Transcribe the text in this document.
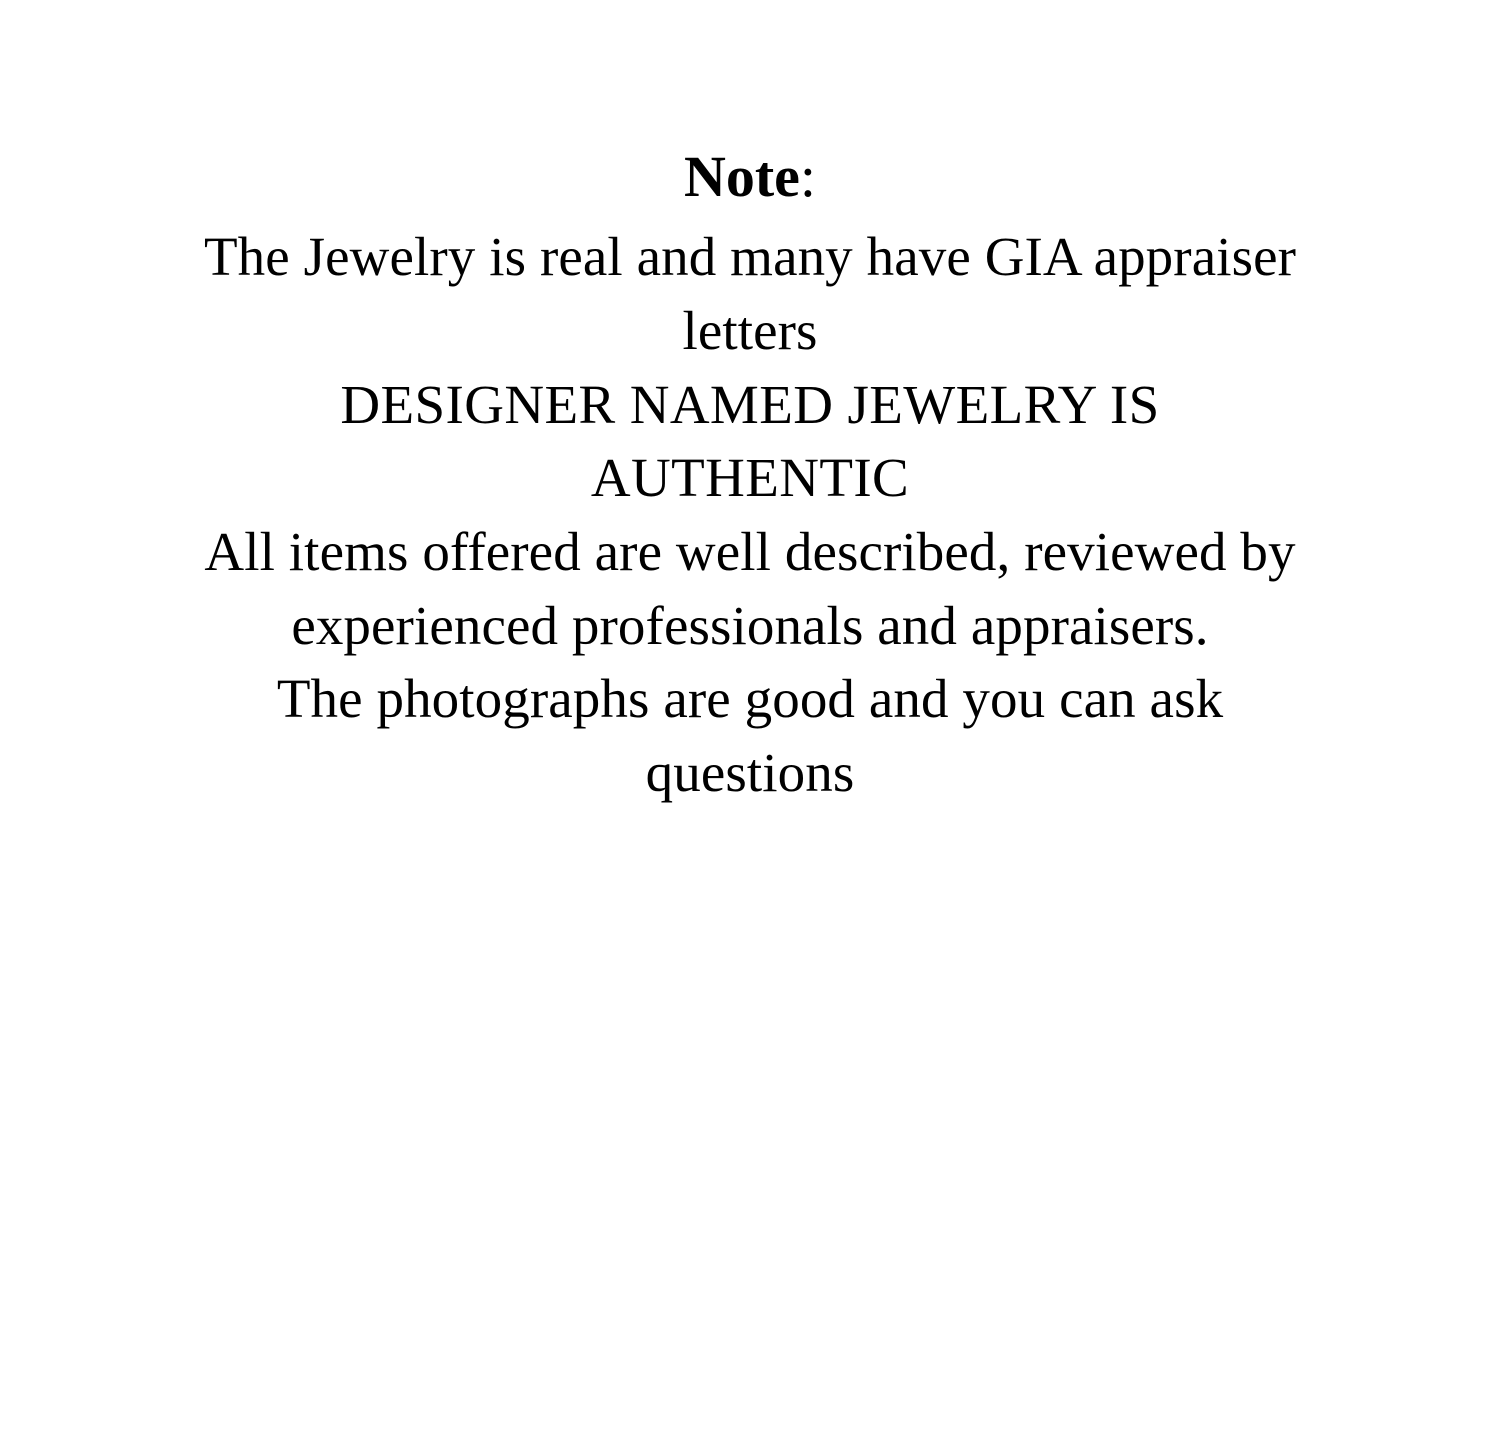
Note:

The Jewelry is real and many have GIA appraiser letters

DESIGNER NAMED JEWELRY IS AUTHENTIC

All items offered are well described, reviewed by experienced professionals and appraisers.

The photographs are good and you can ask questions
